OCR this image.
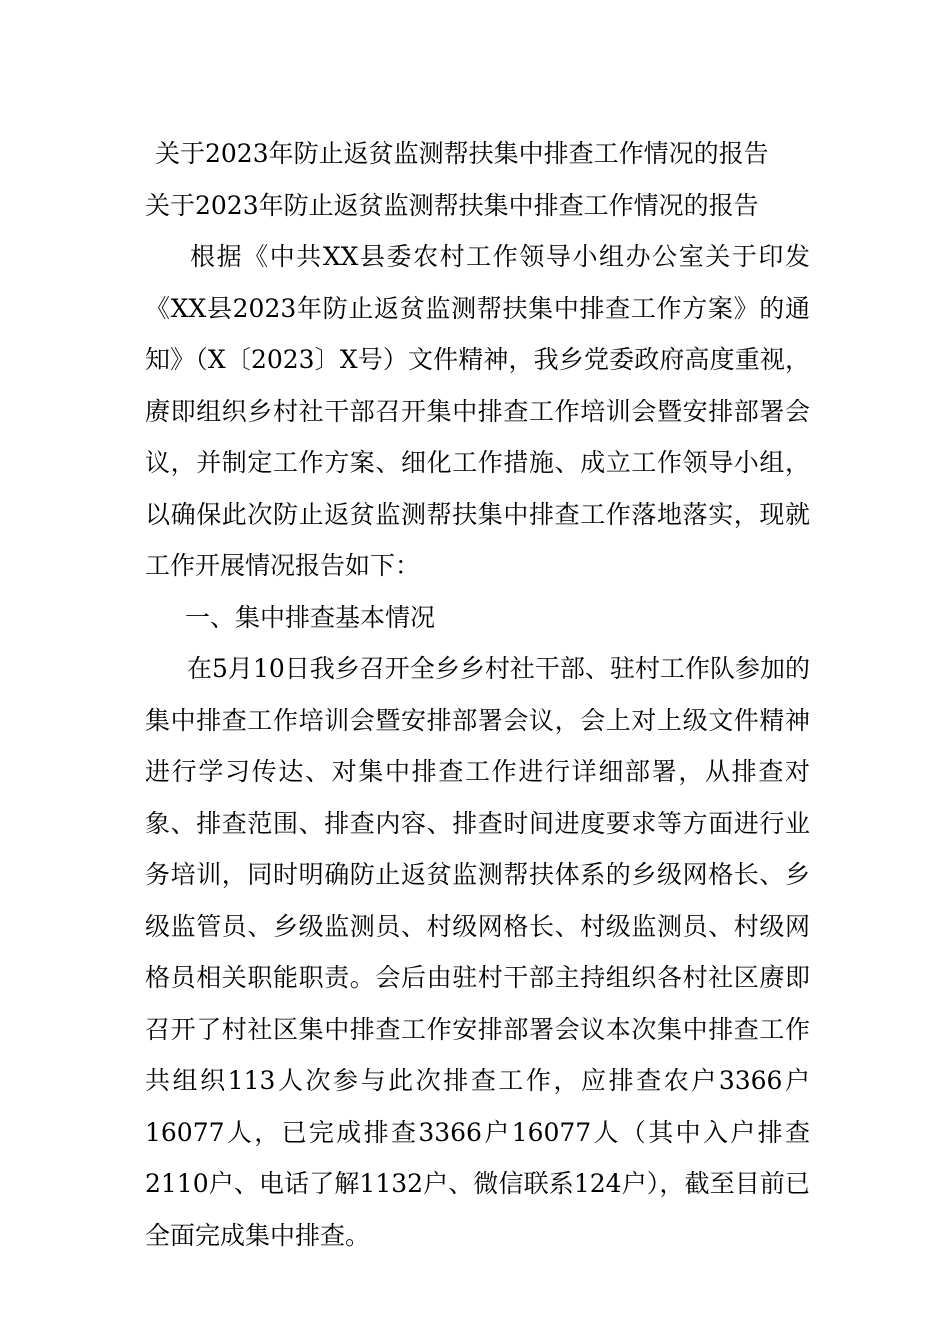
关于2023年防止返贫监测帮扶集中排查工作情况的报告
关于2023年防止返贫监测帮扶集中排查工作情况的报告

根据《中共XX县委农村工作领导小组办公室关于印发《XX县2023年防止返贫监测帮扶集中排查工作方案》的通知》（X〔2023〕X号）文件精神，我乡党委政府高度重视，赓即组织乡村社干部召开集中排查工作培训会暨安排部署会议，并制定工作方案、细化工作措施、成立工作领导小组，以确保此次防止返贫监测帮扶集中排查工作落地落实，现就工作开展情况报告如下：

一、集中排查基本情况

在5月10日我乡召开全乡乡村社干部、驻村工作队参加的集中排查工作培训会暨安排部署会议，会上对上级文件精神进行学习传达、对集中排查工作进行详细部署，从排查对象、排查范围、排查内容、排查时间进度要求等方面进行业务培训，同时明确防止返贫监测帮扶体系的乡级网格长、乡级监管员、乡级监测员、村级网格长、村级监测员、村级网格员相关职能职责。会后由驻村干部主持组织各村社区赓即召开了村社区集中排查工作安排部署会议本次集中排查工作共组织113人次参与此次排查工作，应排查农户3366户16077人，已完成排查3366户16077人（其中入户排查2110户、电话了解1132户、微信联系124户），截至目前已全面完成集中排查。
